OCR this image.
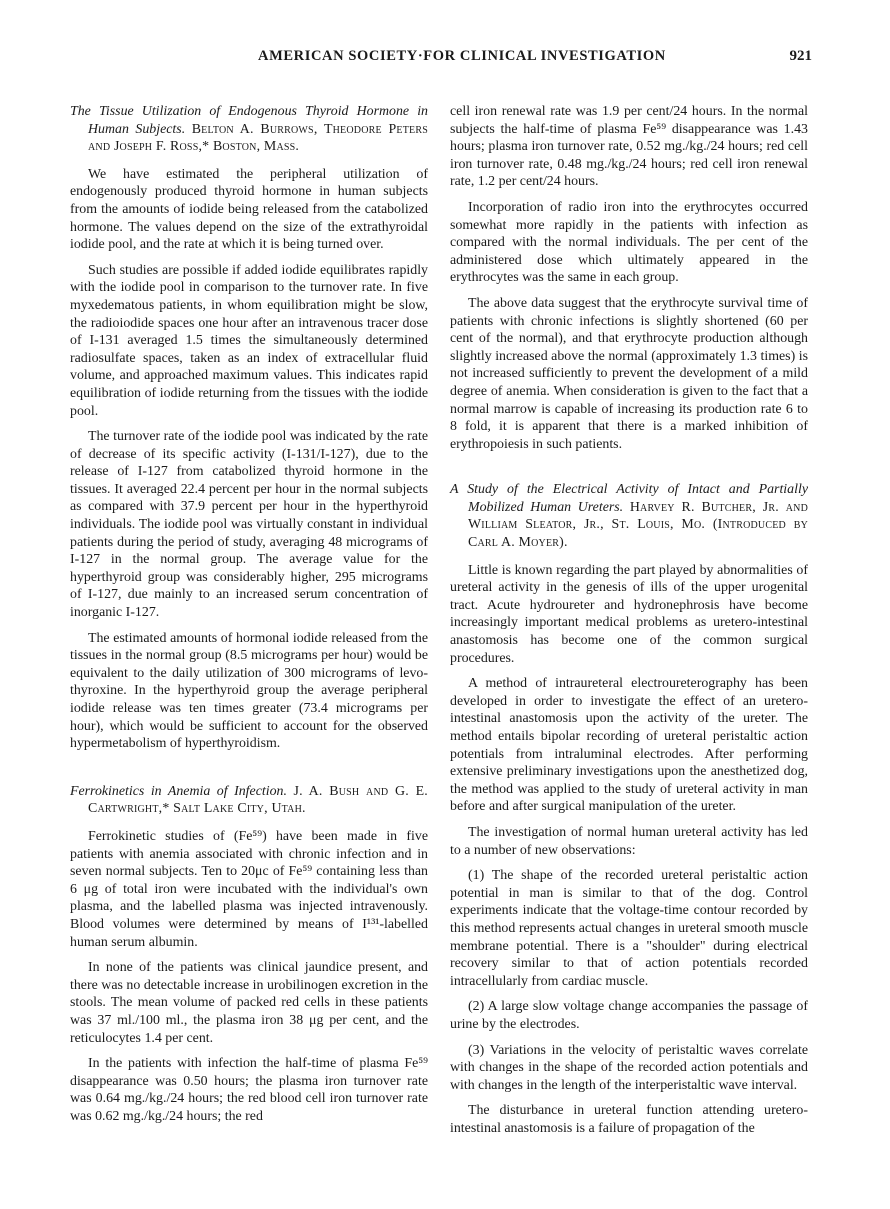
AMERICAN SOCIETY·FOR CLINICAL INVESTIGATION	921
The Tissue Utilization of Endogenous Thyroid Hormone in Human Subjects. Belton A. Burrows, Theodore Peters and Joseph F. Ross,* Boston, Mass.

We have estimated the peripheral utilization of endogenously produced thyroid hormone in human subjects from the amounts of iodide being released from the catabolized hormone. The values depend on the size of the extrathyroidal iodide pool, and the rate at which it is being turned over.

Such studies are possible if added iodide equilibrates rapidly with the iodide pool in comparison to the turnover rate. In five myxedematous patients, in whom equilibration might be slow, the radioiodide spaces one hour after an intravenous tracer dose of I-131 averaged 1.5 times the simultaneously determined radiosulfate spaces, taken as an index of extracellular fluid volume, and approached maximum values. This indicates rapid equilibration of iodide returning from the tissues with the iodide pool.

The turnover rate of the iodide pool was indicated by the rate of decrease of its specific activity (I-131/I-127), due to the release of I-127 from catabolized thyroid hormone in the tissues. It averaged 22.4 percent per hour in the normal subjects as compared with 37.9 percent per hour in the hyperthyroid individuals. The iodide pool was virtually constant in individual patients during the period of study, averaging 48 micrograms of I-127 in the normal group. The average value for the hyperthyroid group was considerably higher, 295 micrograms of I-127, due mainly to an increased serum concentration of inorganic I-127.

The estimated amounts of hormonal iodide released from the tissues in the normal group (8.5 micrograms per hour) would be equivalent to the daily utilization of 300 micrograms of levo-thyroxine. In the hyperthyroid group the average peripheral iodide release was ten times greater (73.4 micrograms per hour), which would be sufficient to account for the observed hypermetabolism of hyperthyroidism.

Ferrokinetics in Anemia of Infection. J. A. Bush and G. E. Cartwright,* Salt Lake City, Utah.

Ferrokinetic studies of (Fe⁵⁹) have been made in five patients with anemia associated with chronic infection and in seven normal subjects. Ten to 20μc of Fe⁵⁹ containing less than 6 μg of total iron were incubated with the individual's own plasma, and the labelled plasma was injected intravenously. Blood volumes were determined by means of I¹³¹-labelled human serum albumin.

In none of the patients was clinical jaundice present, and there was no detectable increase in urobilinogen excretion in the stools. The mean volume of packed red cells in these patients was 37 ml./100 ml., the plasma iron 38 μg per cent, and the reticulocytes 1.4 per cent.

In the patients with infection the half-time of plasma Fe⁵⁹ disappearance was 0.50 hours; the plasma iron turnover rate was 0.64 mg./kg./24 hours; the red blood cell iron turnover rate was 0.62 mg./kg./24 hours; the red

cell iron renewal rate was 1.9 per cent/24 hours. In the normal subjects the half-time of plasma Fe⁵⁹ disappearance was 1.43 hours; plasma iron turnover rate, 0.52 mg./kg./24 hours; red cell iron turnover rate, 0.48 mg./kg./24 hours; red cell iron renewal rate, 1.2 per cent/24 hours.

Incorporation of radio iron into the erythrocytes occurred somewhat more rapidly in the patients with infection as compared with the normal individuals. The per cent of the administered dose which ultimately appeared in the erythrocytes was the same in each group.

The above data suggest that the erythrocyte survival time of patients with chronic infections is slightly shortened (60 per cent of the normal), and that erythrocyte production although slightly increased above the normal (approximately 1.3 times) is not increased sufficiently to prevent the development of a mild degree of anemia. When consideration is given to the fact that a normal marrow is capable of increasing its production rate 6 to 8 fold, it is apparent that there is a marked inhibition of erythropoiesis in such patients.

A Study of the Electrical Activity of Intact and Partially Mobilized Human Ureters. Harvey R. Butcher, Jr. and William Sleator, Jr., St. Louis, Mo. (Introduced by Carl A. Moyer).

Little is known regarding the part played by abnormalities of ureteral activity in the genesis of ills of the upper urogenital tract. Acute hydroureter and hydronephrosis have become increasingly important medical problems as uretero-intestinal anastomosis has become one of the common surgical procedures.

A method of intraureteral electroureterography has been developed in order to investigate the effect of an uretero-intestinal anastomosis upon the activity of the ureter. The method entails bipolar recording of ureteral peristaltic action potentials from intraluminal electrodes. After performing extensive preliminary investigations upon the anesthetized dog, the method was applied to the study of ureteral activity in man before and after surgical manipulation of the ureter.

The investigation of normal human ureteral activity has led to a number of new observations:

(1) The shape of the recorded ureteral peristaltic action potential in man is similar to that of the dog. Control experiments indicate that the voltage-time contour recorded by this method represents actual changes in ureteral smooth muscle membrane potential. There is a "shoulder" during electrical recovery similar to that of action potentials recorded intracellularly from cardiac muscle.

(2) A large slow voltage change accompanies the passage of urine by the electrodes.

(3) Variations in the velocity of peristaltic waves correlate with changes in the shape of the recorded action potentials and with changes in the length of the interperistaltic wave interval.

The disturbance in ureteral function attending uretero-intestinal anastomosis is a failure of propagation of the
